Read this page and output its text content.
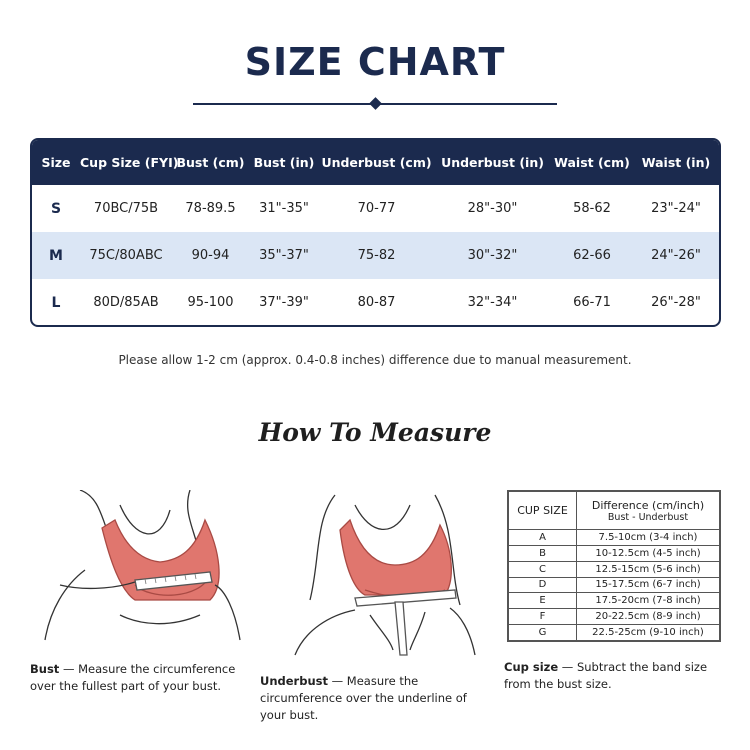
SIZE CHART
Size	Cup Size (FYI)	Bust (cm)	Bust (in)	Underbust (cm)	Underbust (in)	Waist (cm)	Waist (in)
S	70BC/75B	78-89.5	31"-35"	70-77	28"-30"	58-62	23"-24"
M	75C/80ABC	90-94	35"-37"	75-82	30"-32"	62-66	24"-26"
L	80D/85AB	95-100	37"-39"	80-87	32"-34"	66-71	26"-28"
Please allow 1-2 cm (approx. 0.4-0.8 inches) difference due to manual measurement.
How To Measure
Bust — Measure the circumference over the fullest part of your bust.	Underbust — Measure the circumference over the underline of your bust.
Cup size — Subtract the band size from the bust size.
CUP SIZE	Difference (cm/inch)
Bust - Underbust

A	7.5-10cm (3-4 inch)
B	10-12.5cm (4-5 inch)
C	12.5-15cm (5-6 inch)
D	15-17.5cm (6-7 inch)
E	17.5-20cm (7-8 inch)
F	20-22.5cm (8-9 inch)
G	22.5-25cm (9-10 inch)
